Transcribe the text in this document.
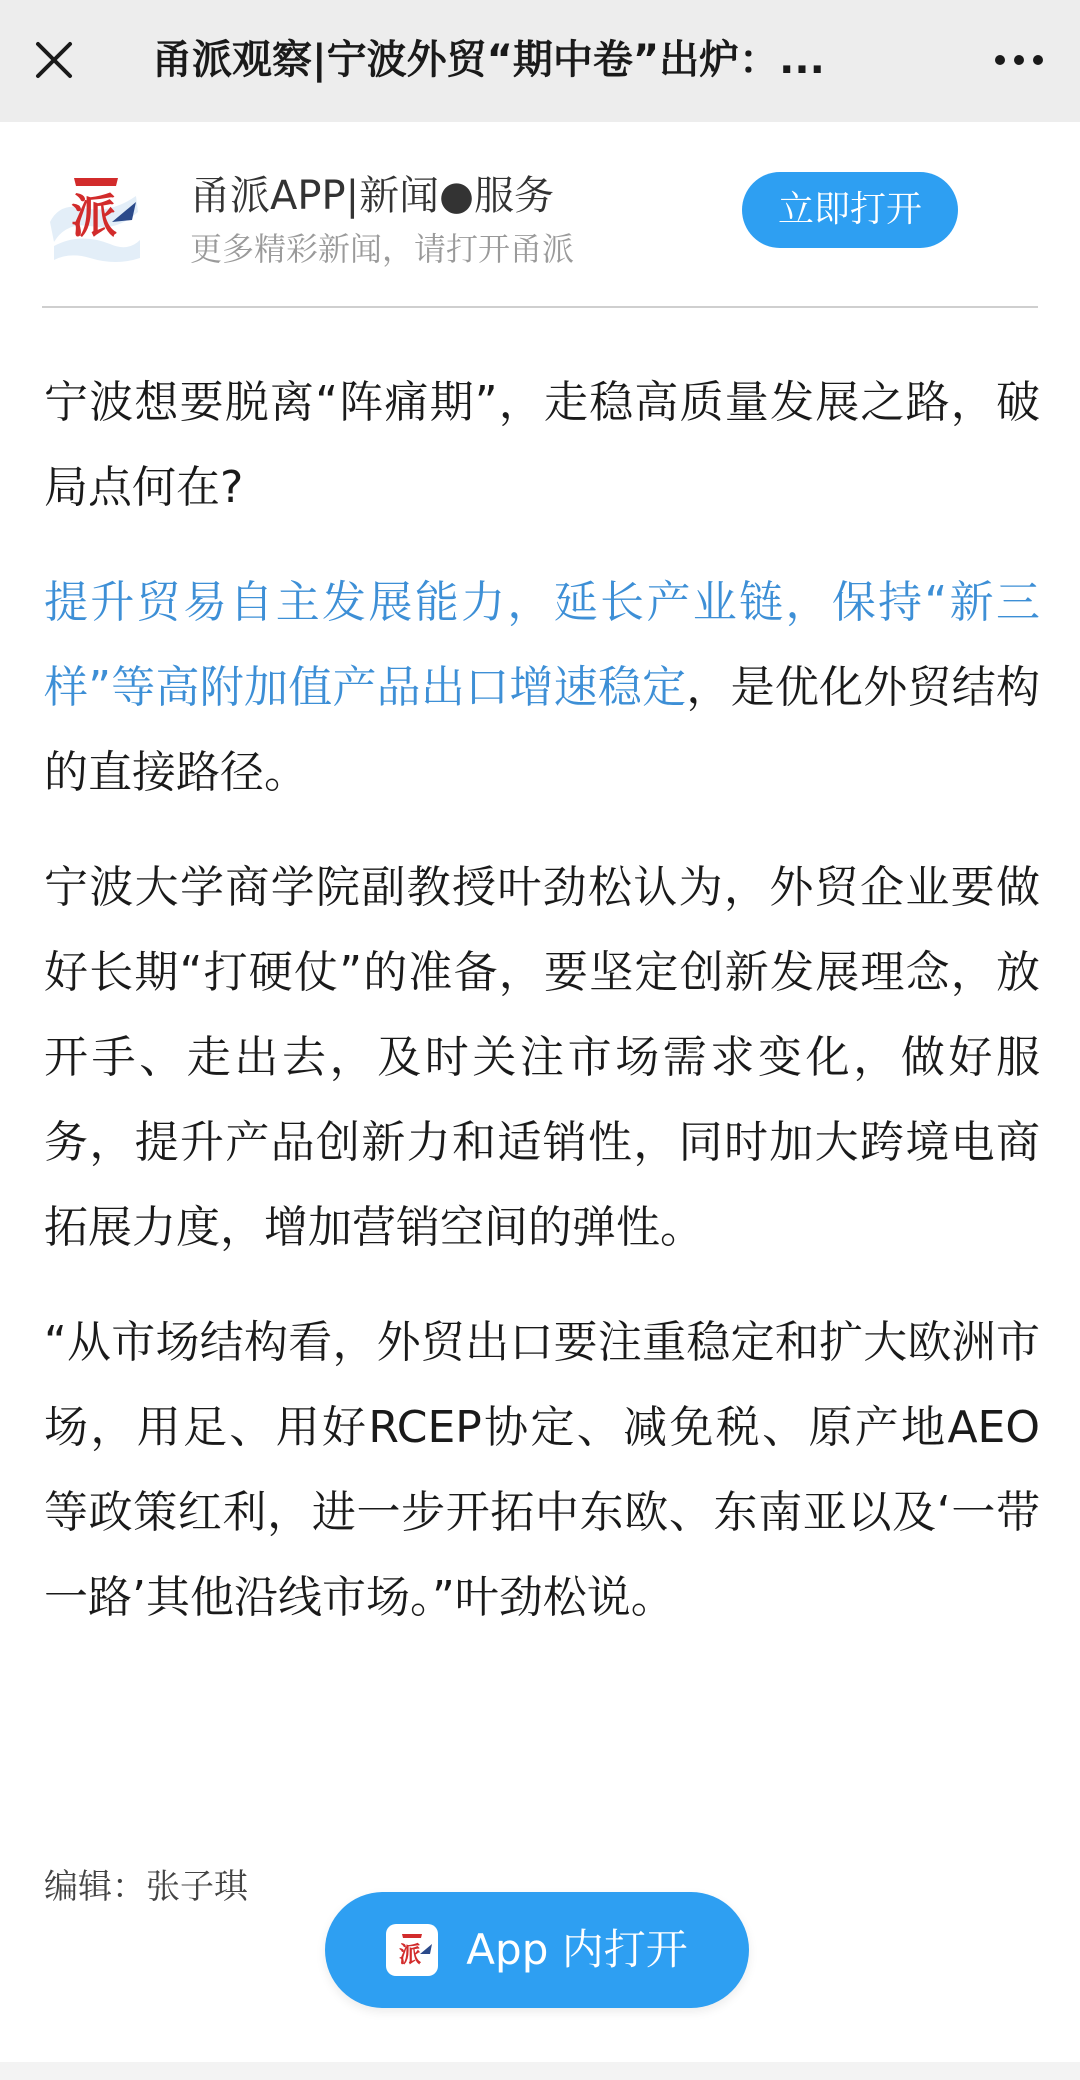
甬派观察|宁波外贸“期中卷”出炉：...
派 甬派APP|新闻●服务
更多精彩新闻，请打开甬派
立即打开

宁波想要脱离“阵痛期”，走稳高质量发展之路，破局点何在?

提升贸易自主发展能力，延长产业链，保持“新三样”等高附加值产品出口增速稳定，是优化外贸结构的直接路径。

宁波大学商学院副教授叶劲松认为，外贸企业要做好长期“打硬仗”的准备，要坚定创新发展理念，放开手、走出去，及时关注市场需求变化，做好服务，提升产品创新力和适销性，同时加大跨境电商拓展力度，增加营销空间的弹性。

“从市场结构看，外贸出口要注重稳定和扩大欧洲市场，用足、用好RCEP协定、减免税、原产地AEO等政策红利，进一步开拓中东欧、东南亚以及‘一带一路’其他沿线市场。”叶劲松说。

编辑：张子琪
派 App 内打开
